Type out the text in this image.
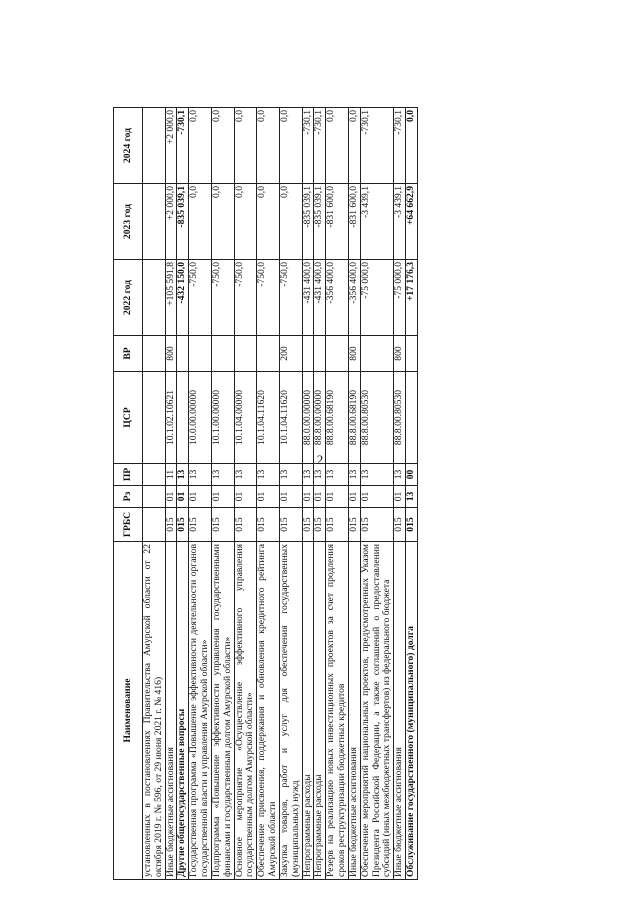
2
Наименование	ГРБС	Рз	ПР	ЦСР	ВР	2022 год	2023 год	2024 год
установленных в постановлениях Правительства Амурской области от 22 октября 2019 г. № 596, от 29 июня 2021 г. № 416)								
Иные бюджетные ассигнования	015	01	11	10.1.02.10621	800	+105 591,8	+2 000,0	+2 000,0
Другие общегосударственные вопросы	015	01	13			-432 150,0	-835 039,1	-730,1
Государственная программа «Повышение эффективности деятельности органов государственной власти и управления Амурской области»	015	01	13	10.0.00.00000		-750,0	0,0	0,0
Подпрограмма «Повышение эффективности управления государственными финансами и государственным долгом Амурской области»	015	01	13	10.1.00.00000		-750,0	0,0	0,0
Основное мероприятие «Осуществление эффективного управления государственным долгом Амурской области»	015	01	13	10.1.04.00000		-750,0	0,0	0,0
Обеспечение присвоения, поддержания и обновления кредитного рейтинга Амурской области	015	01	13	10.1.04.11620		-750,0	0,0	0,0
Закупка товаров, работ и услуг для обеспечения государственных (муниципальных) нужд	015	01	13	10.1.04.11620	200	-750,0	0,0	0,0
Непрограммные расходы	015	01	13	88.0.00.00000		-431 400,0	-835 039,1	-730,1
Непрограммные расходы	015	01	13	88.8.00.00000		-431 400,0	-835 039,1	-730,1
Резерв на реализацию новых инвестиционных проектов за счет продления сроков реструктуризации бюджетных кредитов	015	01	13	88.8.00.68190		-356 400,0	-831 600,0	0,0
Иные бюджетные ассигнования	015	01	13	88.8.00.68190	800	-356 400,0	-831 600,0	0,0
Обеспечение мероприятий национальных проектов, предусмотренных Указом Президента Российской Федерации, а также соглашений о предоставлении субсидий (иных межбюджетных трансфертов) из федерального бюджета	015	01	13	88.8.00.80530		-75 000,0	-3 439,1	-730,1
Иные бюджетные ассигнования	015	01	13	88.8.00.80530	800	-75 000,0	-3 439,1	-730,1
Обслуживание государственного (муниципального) долга	015	13	00			+17 176,3	+64 662,9	0,0
